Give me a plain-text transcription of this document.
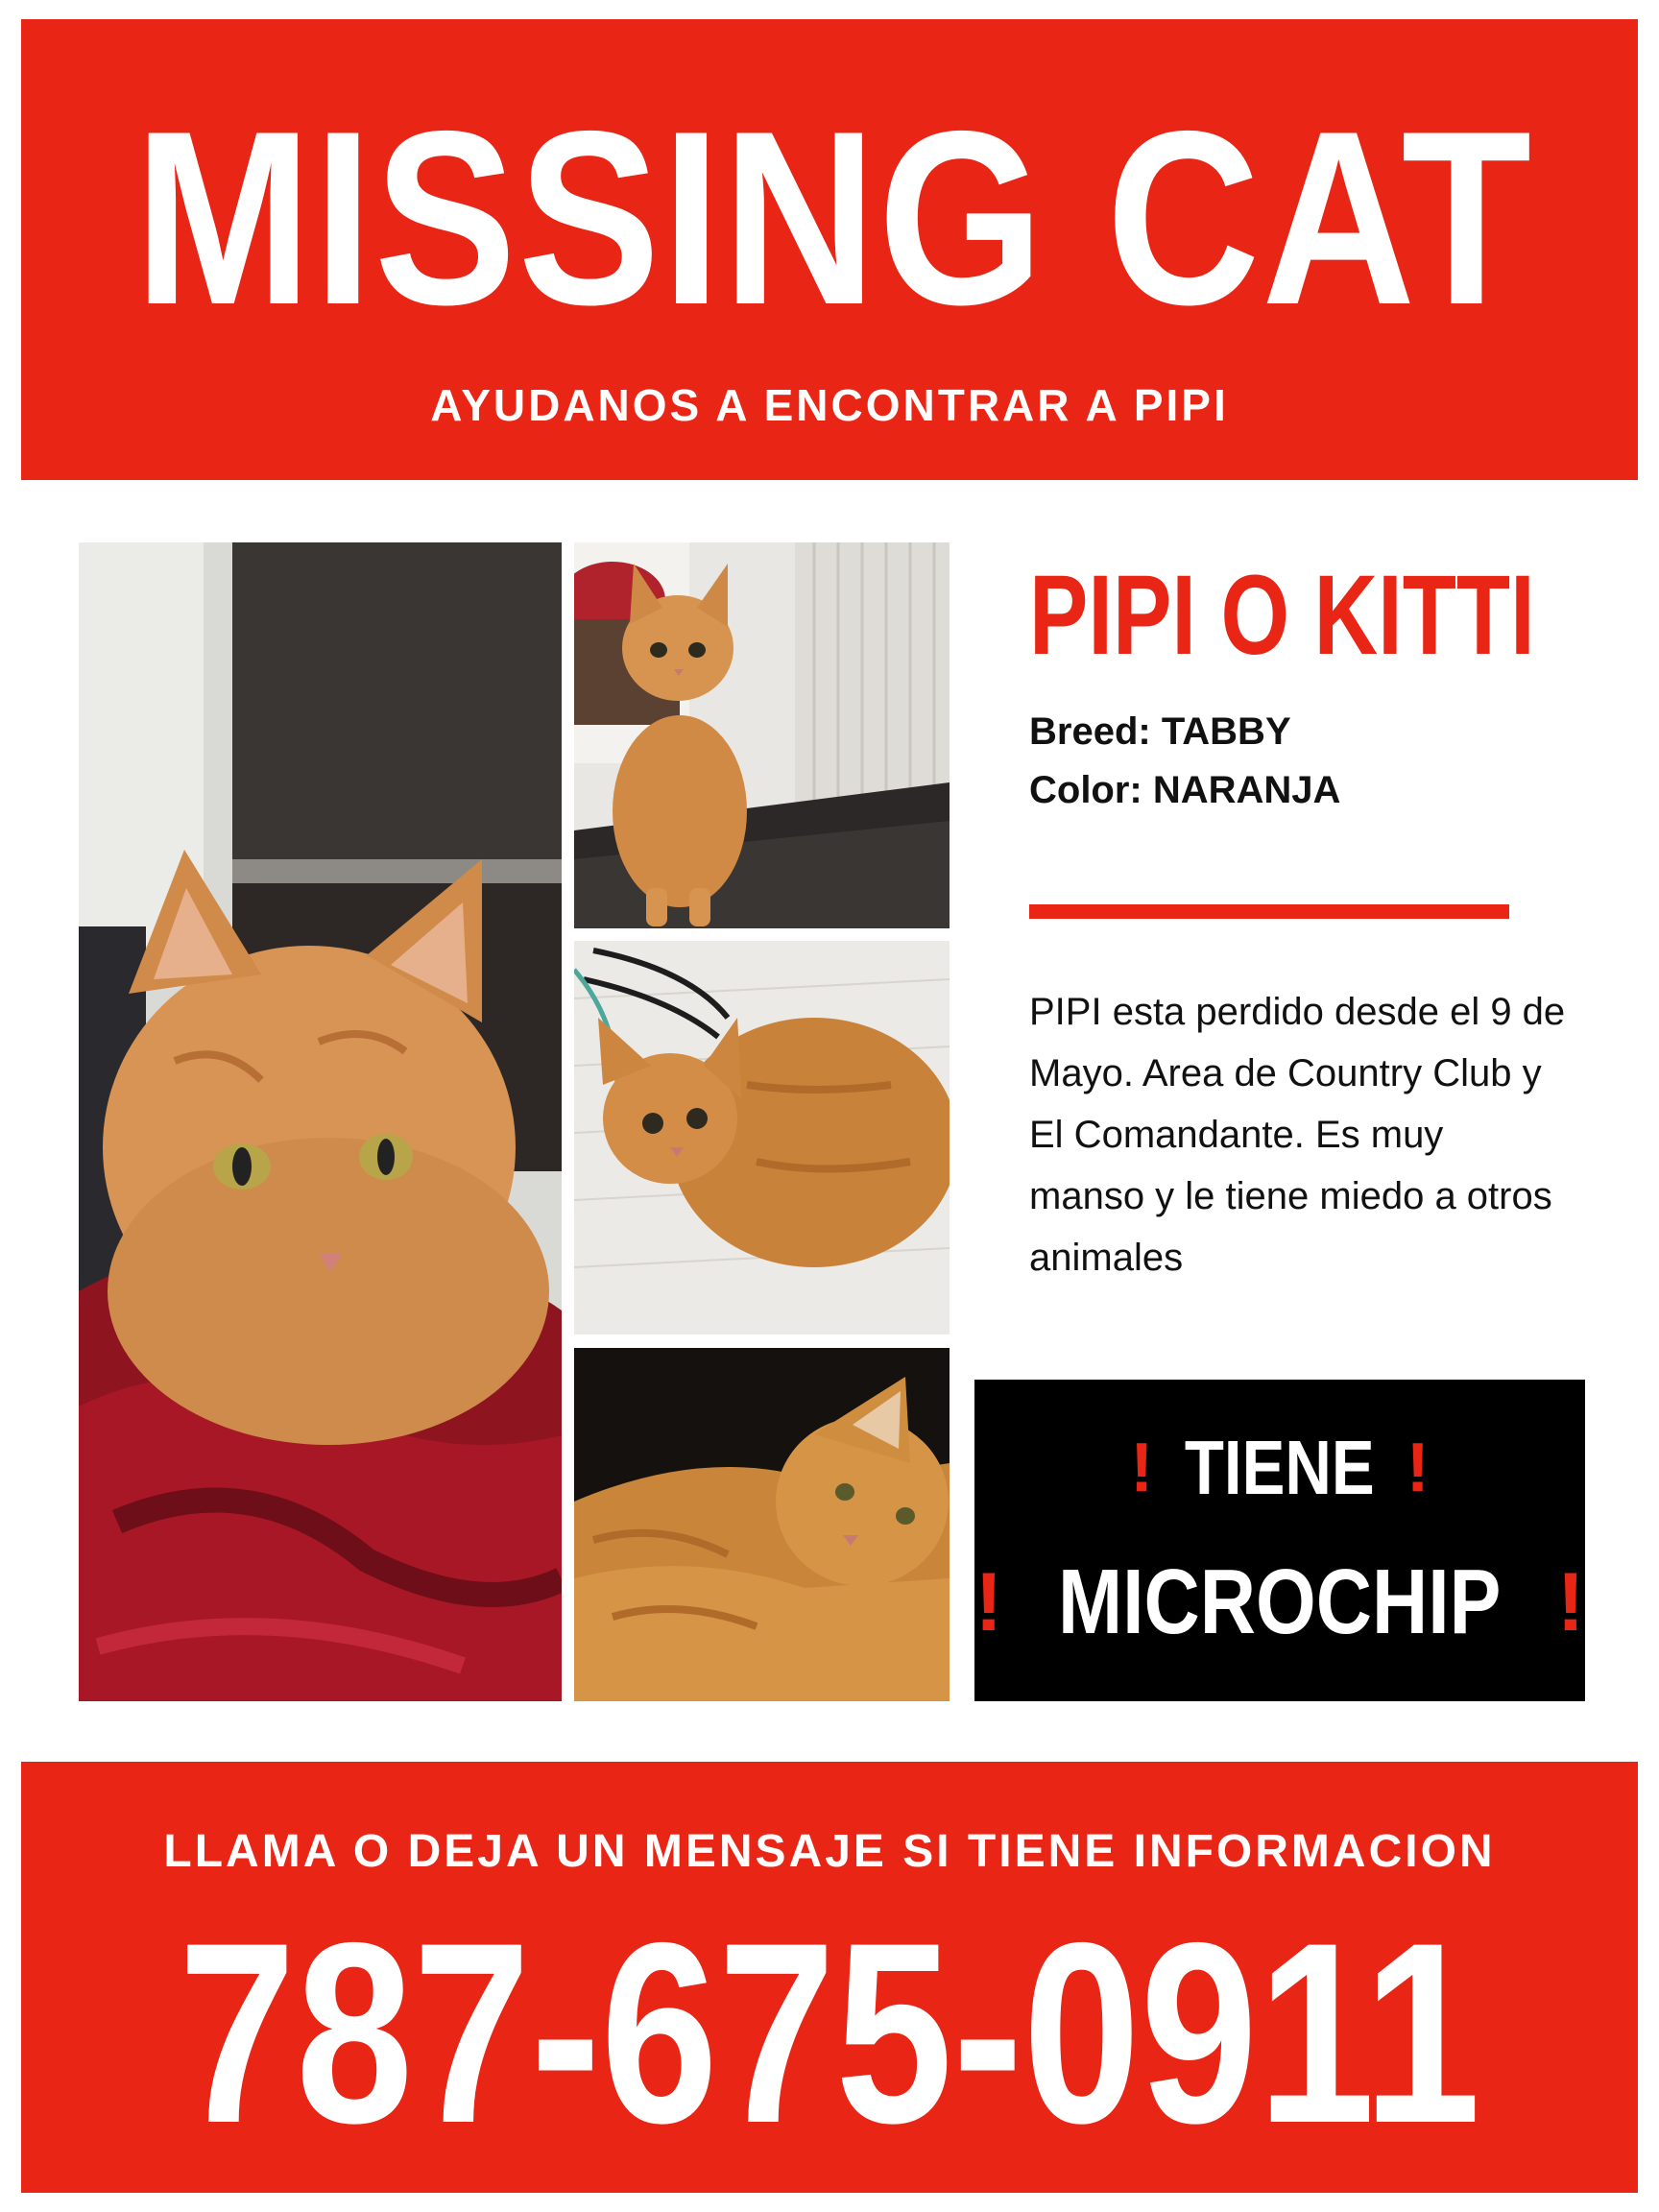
MISSING CAT
AYUDANOS A ENCONTRAR A PIPI
PIPI O KITTI
Breed: TABBY
Color: NARANJA
PIPI esta perdido desde el 9 de Mayo. Area de Country Club y El Comandante. Es muy manso y le tiene miedo a otros animales
! TIENE !
! MICROCHIP !
LLAMA O DEJA UN MENSAJE SI TIENE INFORMACION
787-675-0911
